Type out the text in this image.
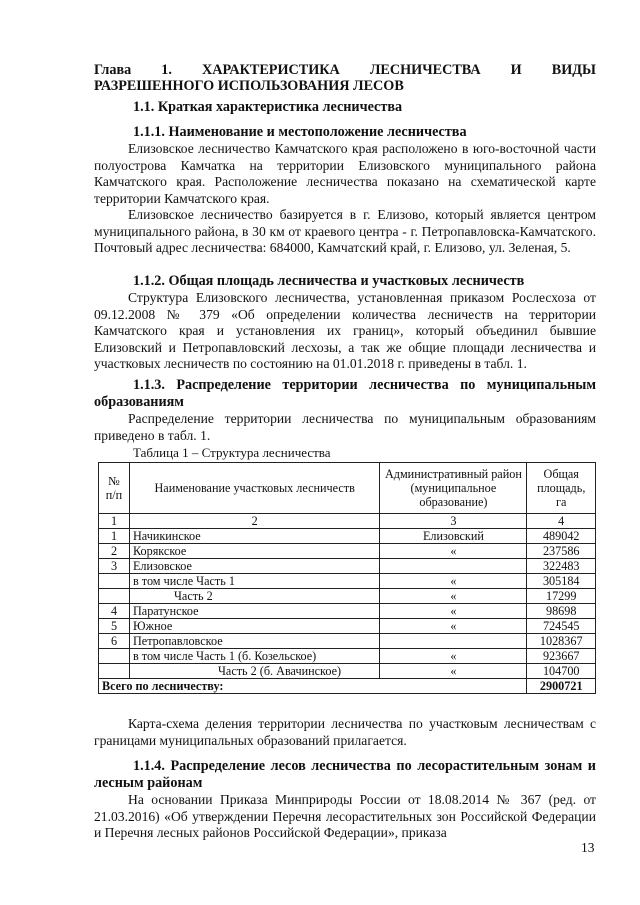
Глава 1. ХАРАКТЕРИСТИКА ЛЕСНИЧЕСТВА И ВИДЫ
РАЗРЕШЕННОГО ИСПОЛЬЗОВАНИЯ ЛЕСОВ
1.1. Краткая характеристика лесничества
1.1.1. Наименование и местоположение лесничества
Елизовское лесничество Камчатского края расположено в юго-восточной части полуострова Камчатка на территории Елизовского муниципального района Камчатского края. Расположение лесничества показано на схематической карте территории Камчатского края.
Елизовское лесничество базируется в г. Елизово, который является центром муниципального района, в 30 км от краевого центра - г. Петропавловска-Камчатского. Почтовый адрес лесничества: 684000, Камчатский край, г. Елизово, ул. Зеленая, 5.
1.1.2. Общая площадь лесничества и участковых лесничеств
Структура Елизовского лесничества, установленная приказом Рослесхоза от 09.12.2008 № 379 «Об определении количества лесничеств на территории Камчатского края и установления их границ», который объединил бывшие Елизовский и Петропавловский лесхозы, а так же общие площади лесничества и участковых лесничеств по состоянию на 01.01.2018 г. приведены в табл. 1.
1.1.3. Распределение территории лесничества по муниципальным образованиям
Распределение территории лесничества по муниципальным образованиям приведено в табл. 1.
Таблица 1 – Структура лесничества
№ п/п	Наименование участковых лесничеств	Административный район (муниципальное образование)	Общая площадь, га
1	2	3	4
1	Начикинское	Елизовский	489042
2	Корякское	«	237586
3	Елизовское		322483
	в том числе Часть 1	«	305184
	Часть 2	«	17299
4	Паратунское	«	98698
5	Южное	«	724545
6	Петропавловское		1028367
	в том числе Часть 1 (б. Козельское)	«	923667
	Часть 2 (б. Авачинское)	«	104700
Всего по лесничеству:			2900721
Карта-схема деления территории лесничества по участковым лесничествам с границами муниципальных образований прилагается.
1.1.4. Распределение лесов лесничества по лесорастительным зонам и лесным районам
На основании Приказа Минприроды России от 18.08.2014 № 367 (ред. от 21.03.2016) «Об утверждении Перечня лесорастительных зон Российской Федерации и Перечня лесных районов Российской Федерации», приказа
13
